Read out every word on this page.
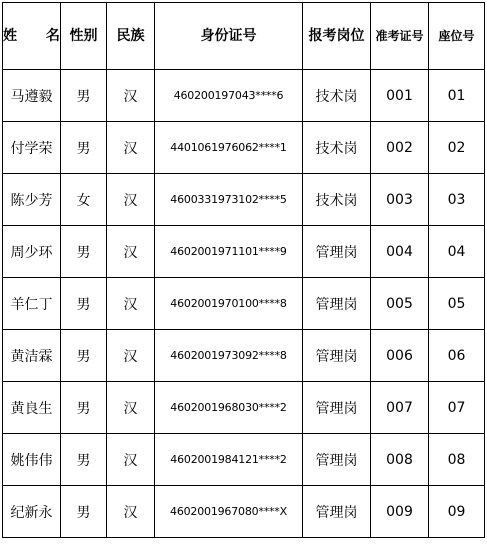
姓 名	性别	民族	身份证号	报考岗位	准考证号	座位号
马遵毅	男	汉	460200197043****6	技术岗	001	01
付学荣	男	汉	4401061976062****1	技术岗	002	02
陈少芳	女	汉	4600331973102****5	技术岗	003	03
周少环	男	汉	4602001971101****9	管理岗	004	04
羊仁丁	男	汉	4602001970100****8	管理岗	005	05
黄洁霖	男	汉	4602001973092****8	管理岗	006	06
黄良生	男	汉	4602001968030****2	管理岗	007	07
姚伟伟	男	汉	4602001984121****2	管理岗	008	08
纪新永	男	汉	4602001967080****X	管理岗	009	09
